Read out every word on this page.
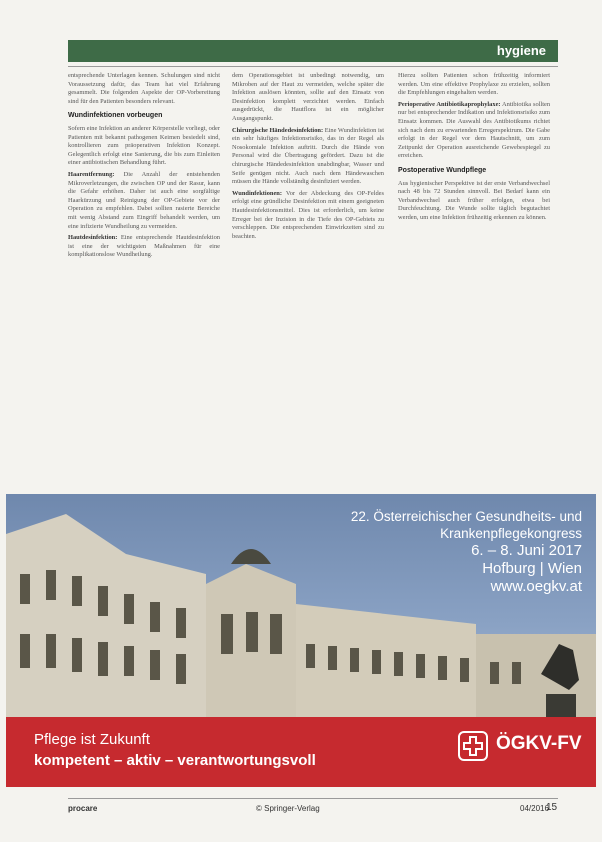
hygiene

entsprechende Unterlagen kennen. Schulungen sind nicht Voraussetzung dafür, das Team hat viel Erfahrung gesammelt. Die folgenden Aspekte der OP-Vorbereitung sind für den Patienten besonders relevant.

Wundinfektionen vorbeugen

Sofern eine Infektion an anderer Körperstelle vorliegt, oder Patienten mit bekannt pathogenen Keimen besiedelt sind, kontrollieren zum präoperativen Infektion Konzept. Gelegentlich erfolgt eine Sanierung, die bis zum Einleiten einer antibiotischen Behandlung führt.

Haarentfernung: Die Anzahl der entstehenden Mikroverletzungen, die zwischen OP und der Rasur, kann die Gefahr erhöhen. Daher ist auch eine sorgfältige Haarkürzung und Reinigung der OP-Gebiete vor der Operation zu empfehlen. Dabei sollten rasierte Bereiche mit wenig Abstand zum Eingriff behandelt werden, um eine infizierte Wundheilung zu vermeiden.

Hautdesinfektion: Eine entsprechende Hautdesinfektion ist eine der wichtigsten Maßnahmen für eine komplikationslose Wundheilung.

dem Operationsgebiet ist unbedingt notwendig, um Mikroben auf der Haut zu vermeiden, welche später die Infektion auslösen könnten, sollte auf den Einsatz von Desinfektion komplett verzichtet werden. Einfach ausgedrückt, die Hautflora ist ein möglicher Ausgangspunkt.

Chirurgische Händedesinfektion: Eine Wundinfektion ist ein sehr häufiges Infektionsrisiko, das in der Regel als Nosokomiale Infektion auftritt. Durch die Hände von Personal wird die Übertragung gefördert. Dazu ist die chirurgische Händedesinfektion unabdingbar, Wasser und Seife genügen nicht. Auch nach dem Händewaschen müssen die Hände vollständig desinfiziert werden.

Wundinfektionen: Vor der Abdeckung des OP-Feldes erfolgt eine gründliche Desinfektion mit einem geeigneten Hautdesinfektionsmittel. Dies ist erforderlich, um keine Erreger bei der Inzision in die Tiefe des OP-Gebiets zu verschleppen. Die entsprechenden Einwirkzeiten sind zu beachten.

Hierzu sollten Patienten schon frühzeitig informiert werden. Um eine effektive Prophylaxe zu erzielen, sollten die Empfehlungen eingehalten werden.

Perioperative Antibiotikaprophylaxe: Antibiotika sollten nur bei entsprechender Indikation und Infektionsrisiko zum Einsatz kommen. Die Auswahl des Antibiotikums richtet sich nach dem zu erwartenden Erregerspektrum. Die Gabe erfolgt in der Regel vor dem Hautschnitt, um zum Zeitpunkt der Operation ausreichende Gewebespiegel zu erreichen.

Postoperative Wundpflege

Aus hygienischer Perspektive ist der erste Verbandwechsel nach 48 bis 72 Stunden sinnvoll. Bei Bedarf kann ein Verbandwechsel auch früher erfolgen, etwa bei Durchfeuchtung. Die Wunde sollte täglich begutachtet werden, um eine Infektion frühzeitig erkennen zu können.

22. Österreichischer Gesundheits- und
Krankenpflegekongress
6. – 8. Juni 2017
Hofburg | Wien
www.oegkv.at
Pflege ist Zukunft
kompetent – aktiv – verantwortungsvoll
ÖGKV-FV
procare	© Springer-Verlag	04/2016
15
